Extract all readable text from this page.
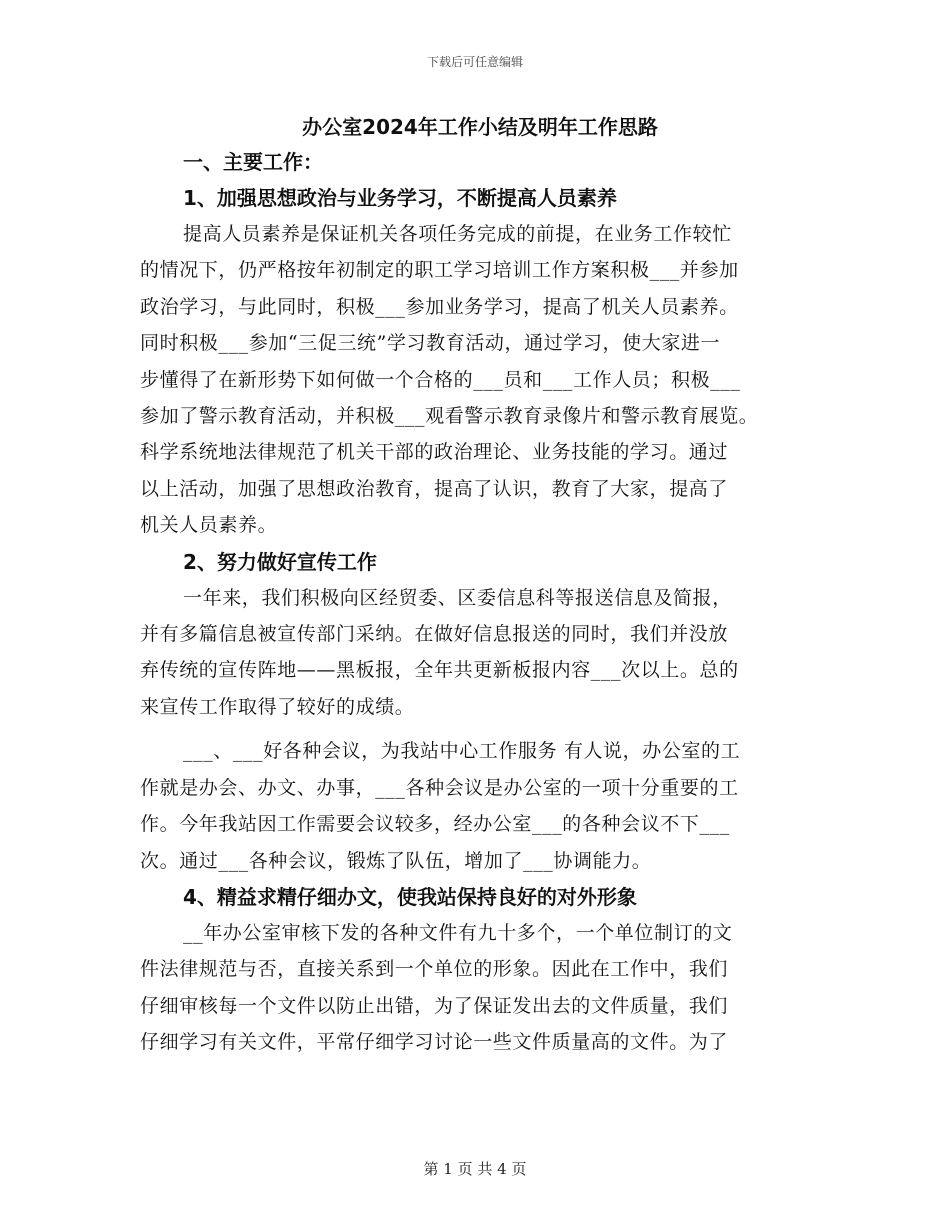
下载后可任意编辑
办公室2024年工作小结及明年工作思路
一、主要工作：
1、加强思想政治与业务学习，不断提高人员素养
提高人员素养是保证机关各项任务完成的前提，在业务工作较忙
的情况下，仍严格按年初制定的职工学习培训工作方案积极___并参加
政治学习，与此同时，积极___参加业务学习，提高了机关人员素养。
同时积极___参加“三促三统”学习教育活动，通过学习，使大家进一
步懂得了在新形势下如何做一个合格的___员和___工作人员；积极___
参加了警示教育活动，并积极___观看警示教育录像片和警示教育展览。
科学系统地法律规范了机关干部的政治理论、业务技能的学习。通过
以上活动，加强了思想政治教育，提高了认识，教育了大家，提高了
机关人员素养。
2、努力做好宣传工作
一年来，我们积极向区经贸委、区委信息科等报送信息及简报，
并有多篇信息被宣传部门采纳。在做好信息报送的同时，我们并没放
弃传统的宣传阵地——黑板报，全年共更新板报内容___次以上。总的
来宣传工作取得了较好的成绩。
___、___好各种会议，为我站中心工作服务 有人说，办公室的工
作就是办会、办文、办事，___各种会议是办公室的一项十分重要的工
作。今年我站因工作需要会议较多，经办公室___的各种会议不下___
次。通过___各种会议，锻炼了队伍，增加了___协调能力。
4、精益求精仔细办文，使我站保持良好的对外形象
__年办公室审核下发的各种文件有九十多个，一个单位制订的文
件法律规范与否，直接关系到一个单位的形象。因此在工作中，我们
仔细审核每一个文件以防止出错，为了保证发出去的文件质量，我们
仔细学习有关文件，平常仔细学习讨论一些文件质量高的文件。为了
第 1 页 共 4 页
